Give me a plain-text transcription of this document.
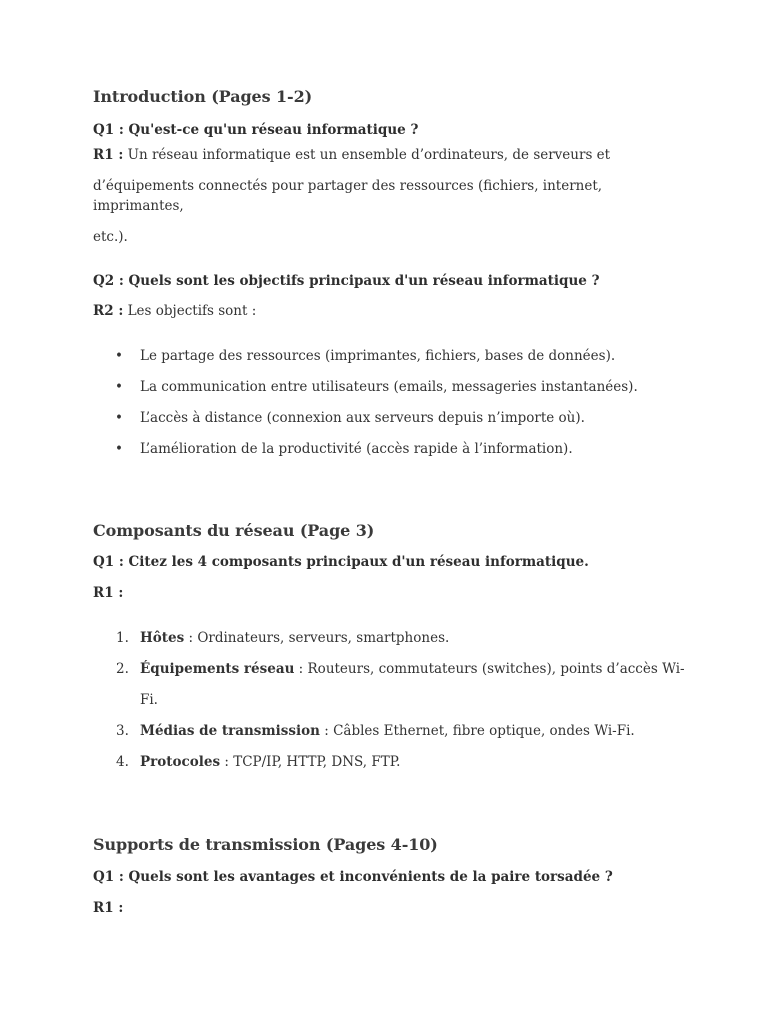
Introduction (Pages 1-2)

Q1 : Qu'est-ce qu'un réseau informatique ?

R1 : Un réseau informatique est un ensemble d’ordinateurs, de serveurs et

d’équipements connectés pour partager des ressources (fichiers, internet, imprimantes,

etc.).

Q2 : Quels sont les objectifs principaux d'un réseau informatique ?

R2 : Les objectifs sont :

• Le partage des ressources (imprimantes, fichiers, bases de données).
• La communication entre utilisateurs (emails, messageries instantanées).
• L’accès à distance (connexion aux serveurs depuis n’importe où).
• L’amélioration de la productivité (accès rapide à l’information).
Composants du réseau (Page 3)

Q1 : Citez les 4 composants principaux d'un réseau informatique.

R1 :

1. Hôtes : Ordinateurs, serveurs, smartphones.
2. Équipements réseau : Routeurs, commutateurs (switches), points d’accès Wi-Fi.
3. Médias de transmission : Câbles Ethernet, fibre optique, ondes Wi-Fi.
4. Protocoles : TCP/IP, HTTP, DNS, FTP.
Supports de transmission (Pages 4-10)

Q1 : Quels sont les avantages et inconvénients de la paire torsadée ?

R1 :
